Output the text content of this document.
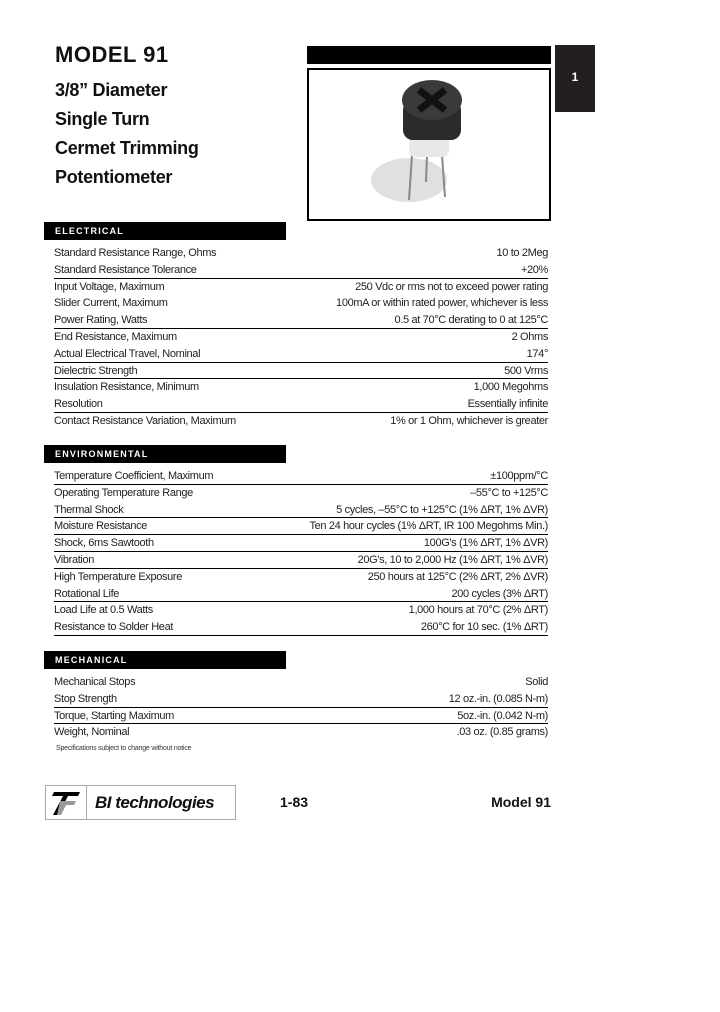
MODEL 91
3/8” Diameter
Single Turn
Cermet Trimming
Potentiometer
1
ELECTRICAL
Standard Resistance Range, Ohms	10 to 2Meg
Standard Resistance Tolerance	+20%
Input Voltage, Maximum	250 Vdc or rms not to exceed power rating
Slider Current, Maximum	100mA or within rated power, whichever is less
Power Rating, Watts	0.5 at 70°C derating to 0 at 125°C
End Resistance, Maximum	2 Ohms
Actual Electrical Travel, Nominal	174°
Dielectric Strength	500 Vrms
Insulation Resistance, Minimum	1,000 Megohms
Resolution	Essentially infinite
Contact Resistance Variation, Maximum	1% or 1 Ohm, whichever is greater
ENVIRONMENTAL
Temperature Coefficient, Maximum	±100ppm/°C
Operating Temperature Range	–55°C to +125°C
Thermal Shock	5 cycles, –55°C to +125°C (1% ΔRT, 1% ΔVR)
Moisture Resistance	Ten 24 hour cycles (1% ΔRT, IR 100 Megohms Min.)
Shock, 6ms Sawtooth	100G's (1% ΔRT, 1% ΔVR)
Vibration	20G's, 10 to 2,000 Hz (1% ΔRT, 1% ΔVR)
High Temperature Exposure	250 hours at 125°C (2% ΔRT, 2% ΔVR)
Rotational Life	200 cycles (3% ΔRT)
Load Life at 0.5 Watts	1,000 hours at 70°C (2% ΔRT)
Resistance to Solder Heat	260°C for 10 sec. (1% ΔRT)
MECHANICAL
Mechanical Stops	Solid
Stop Strength	12 oz.-in. (0.085 N-m)
Torque, Starting Maximum	5oz.-in. (0.042 N-m)
Weight, Nominal	.03 oz. (0.85 grams)
Specifications subject to change without notice
BI technologies	1-83	Model 91
